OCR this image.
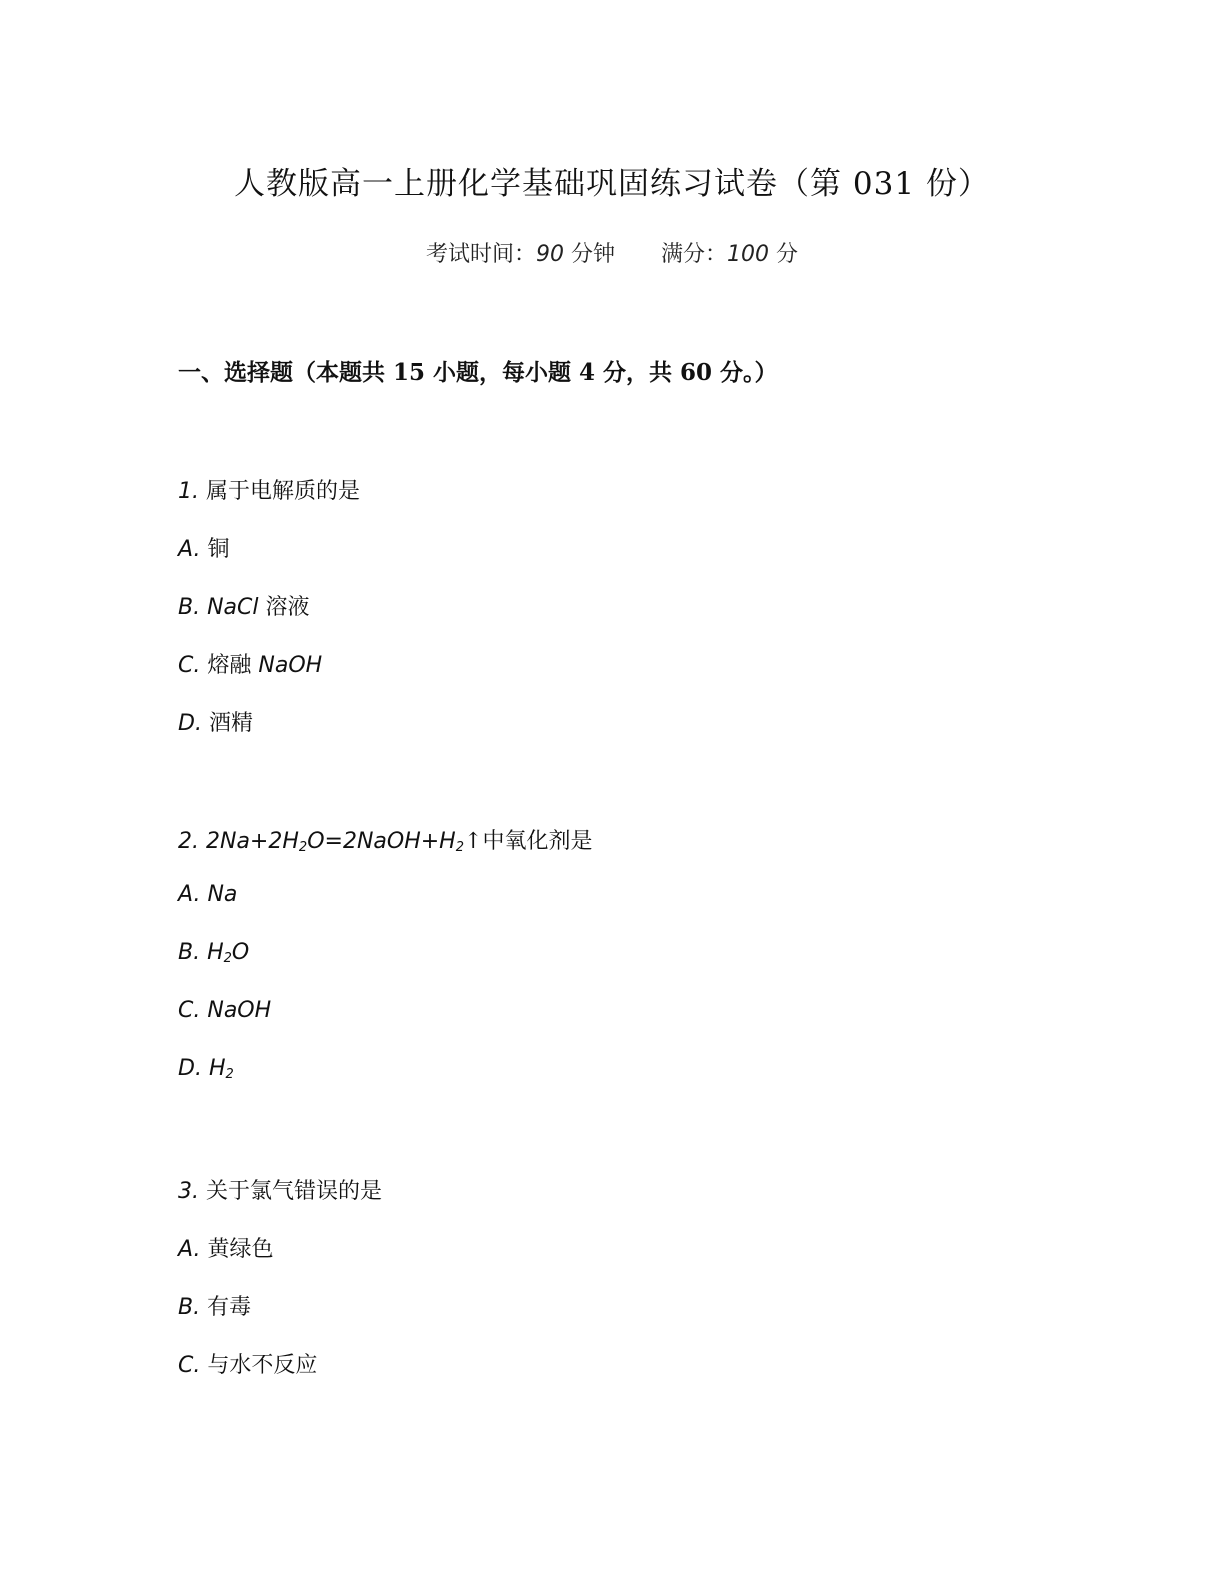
人教版高一上册化学基础巩固练习试卷（第 031 份）
考试时间：90 分钟 满分：100 分
一、选择题（本题共 15 小题，每小题 4 分，共 60 分。）
1. 属于电解质的是
A. 铜
B. NaCl 溶液
C. 熔融 NaOH
D. 酒精
2. $2Na+2H_2O=2NaOH+H_2↑$中氧化剂是
A. Na
B. $H_2O$
C. NaOH
D. $H_2$
3. 关于氯气错误的是
A. 黄绿色
B. 有毒
C. 与水不反应
